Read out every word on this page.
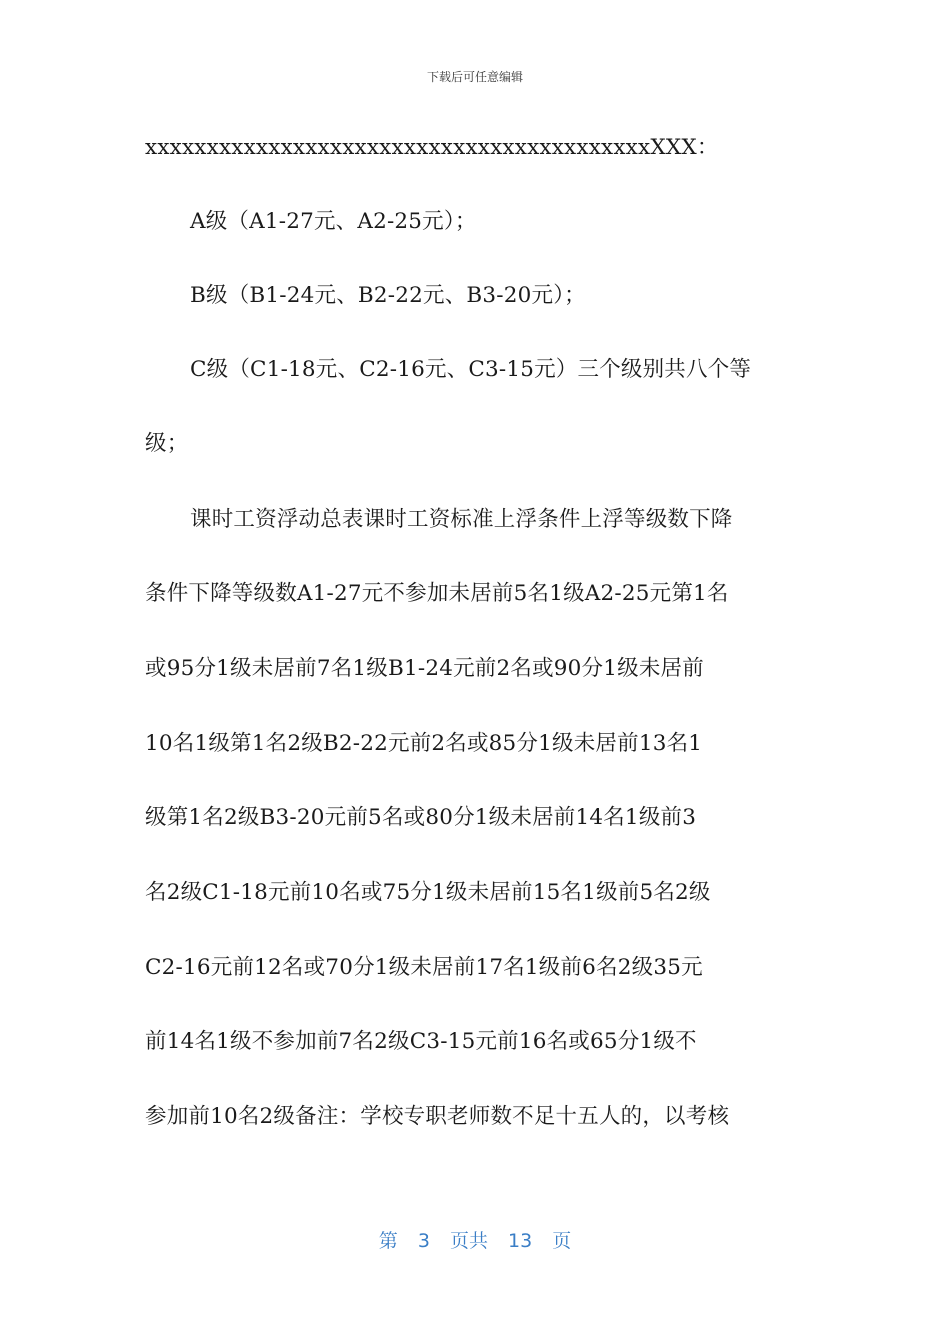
下载后可任意编辑
xxxxxxxxxxxxxxxxxxxxxxxxxxxxxxxxxxxxxxxxxXXX：
A级（A1-27元、A2-25元）；
B级（B1-24元、B2-22元、B3-20元）；
C级（C1-18元、C2-16元、C3-15元）三个级别共八个等
级；
课时工资浮动总表课时工资标准上浮条件上浮等级数下降
条件下降等级数A1-27元不参加未居前5名1级A2-25元第1名
或95分1级未居前7名1级B1-24元前2名或90分1级未居前
10名1级第1名2级B2-22元前2名或85分1级未居前13名1
级第1名2级B3-20元前5名或80分1级未居前14名1级前3
名2级C1-18元前10名或75分1级未居前15名1级前5名2级
C2-16元前12名或70分1级未居前17名1级前6名2级35元
前14名1级不参加前7名2级C3-15元前16名或65分1级不
参加前10名2级备注：学校专职老师数不足十五人的，以考核
第 3 页共 13 页
